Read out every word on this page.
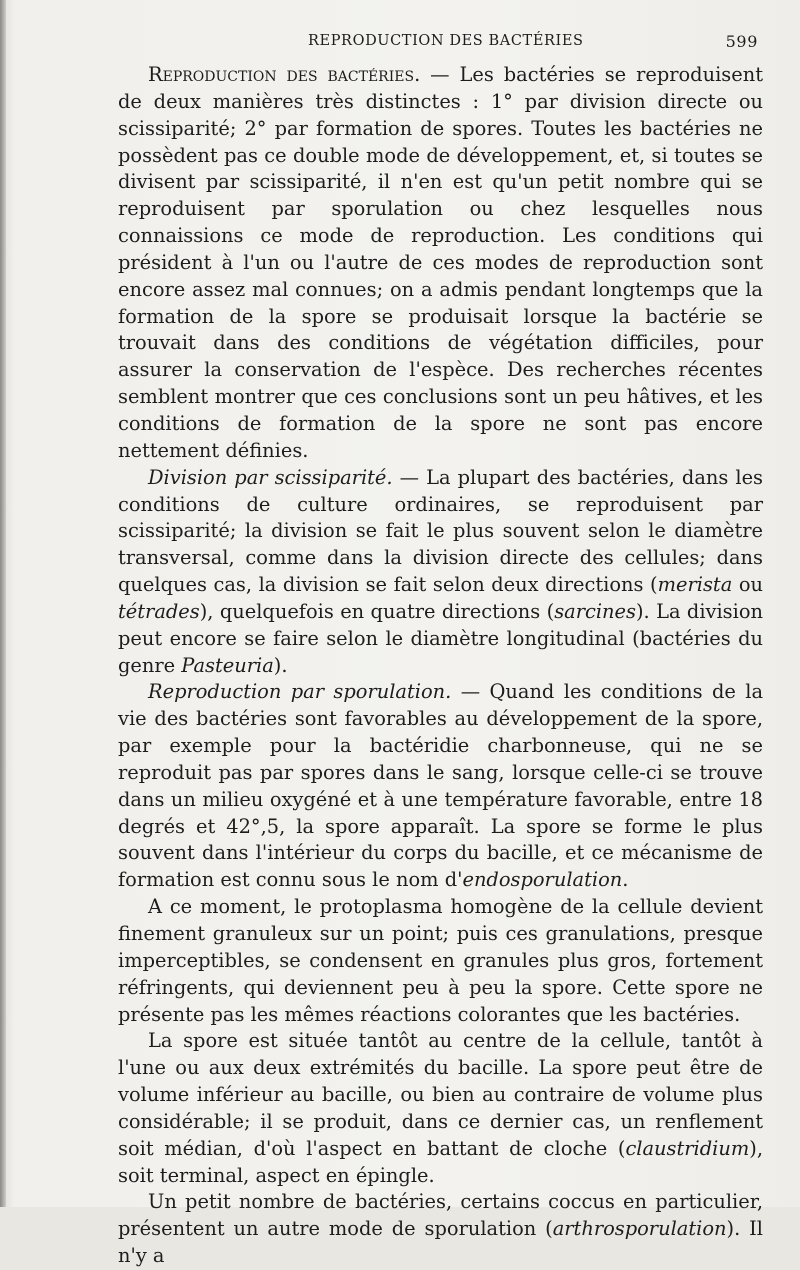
REPRODUCTION DES BACTÉRIES	599

Reproduction des bactéries. — Les bactéries se reproduisent de deux manières très distinctes : 1° par division directe ou scissiparité; 2° par formation de spores. Toutes les bactéries ne possèdent pas ce double mode de développement, et, si toutes se divisent par scissiparité, il n'en est qu'un petit nombre qui se reproduisent par sporulation ou chez lesquelles nous connaissions ce mode de reproduction. Les conditions qui président à l'un ou l'autre de ces modes de reproduction sont encore assez mal connues; on a admis pendant longtemps que la formation de la spore se produisait lorsque la bactérie se trouvait dans des conditions de végétation difficiles, pour assurer la conservation de l'espèce. Des recherches récentes semblent montrer que ces conclusions sont un peu hâtives, et les conditions de formation de la spore ne sont pas encore nettement définies.

Division par scissiparité. — La plupart des bactéries, dans les conditions de culture ordinaires, se reproduisent par scissiparité; la division se fait le plus souvent selon le diamètre transversal, comme dans la division directe des cellules; dans quelques cas, la division se fait selon deux directions (merista ou tétrades), quelquefois en quatre directions (sarcines). La division peut encore se faire selon le diamètre longitudinal (bactéries du genre Pasteuria).

Reproduction par sporulation. — Quand les conditions de la vie des bactéries sont favorables au développement de la spore, par exemple pour la bactéridie charbonneuse, qui ne se reproduit pas par spores dans le sang, lorsque celle-ci se trouve dans un milieu oxygéné et à une température favorable, entre 18 degrés et 42°,5, la spore apparaît. La spore se forme le plus souvent dans l'intérieur du corps du bacille, et ce mécanisme de formation est connu sous le nom d'endosporulation.

A ce moment, le protoplasma homogène de la cellule devient finement granuleux sur un point; puis ces granulations, presque imperceptibles, se condensent en granules plus gros, fortement réfringents, qui deviennent peu à peu la spore. Cette spore ne présente pas les mêmes réactions colorantes que les bactéries.

La spore est située tantôt au centre de la cellule, tantôt à l'une ou aux deux extrémités du bacille. La spore peut être de volume inférieur au bacille, ou bien au contraire de volume plus considérable; il se produit, dans ce dernier cas, un renflement soit médian, d'où l'aspect en battant de cloche (claustridium), soit terminal, aspect en épingle.

Un petit nombre de bactéries, certains coccus en particulier, présentent un autre mode de sporulation (arthrosporulation). Il n'y a
